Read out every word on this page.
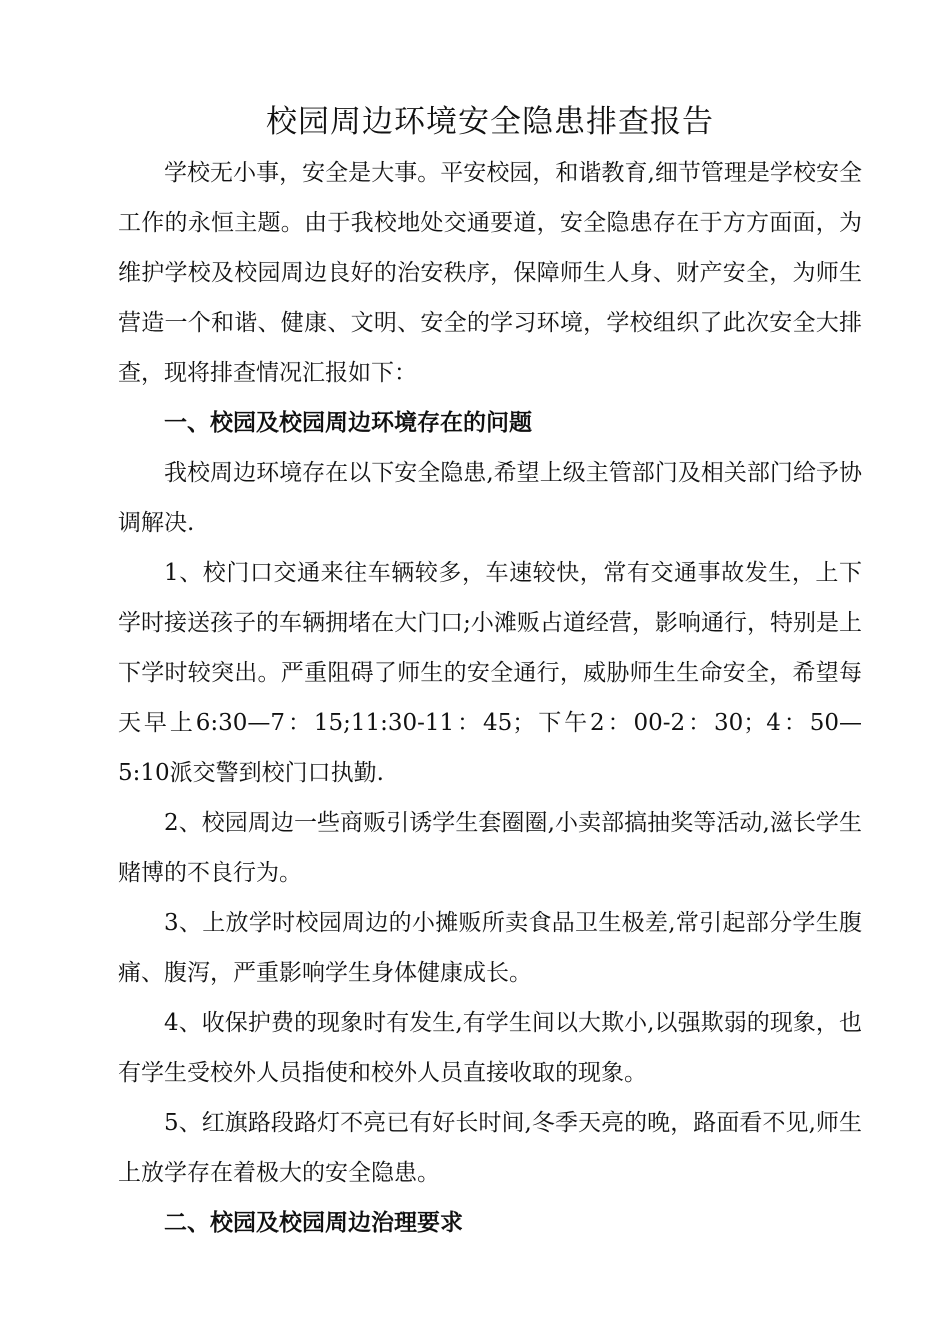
校园周边环境安全隐患排查报告

学校无小事，安全是大事。平安校园，和谐教育,细节管理是学校安全工作的永恒主题。由于我校地处交通要道，安全隐患存在于方方面面，为维护学校及校园周边良好的治安秩序，保障师生人身、财产安全，为师生营造一个和谐、健康、文明、安全的学习环境，学校组织了此次安全大排查，现将排查情况汇报如下：

一、校园及校园周边环境存在的问题

我校周边环境存在以下安全隐患,希望上级主管部门及相关部门给予协调解决.

1、校门口交通来往车辆较多，车速较快，常有交通事故发生，上下学时接送孩子的车辆拥堵在大门口;小滩贩占道经营，影响通行，特别是上下学时较突出。严重阻碍了师生的安全通行，威胁师生生命安全，希望每天早上6:30—7：15;11:30-11：45；下午2：00-2：30；4：50—5:10派交警到校门口执勤.

2、校园周边一些商贩引诱学生套圈圈,小卖部搞抽奖等活动,滋长学生赌博的不良行为。

3、上放学时校园周边的小摊贩所卖食品卫生极差,常引起部分学生腹痛、腹泻，严重影响学生身体健康成长。

4、收保护费的现象时有发生,有学生间以大欺小,以强欺弱的现象，也有学生受校外人员指使和校外人员直接收取的现象。

5、红旗路段路灯不亮已有好长时间,冬季天亮的晚，路面看不见,师生上放学存在着极大的安全隐患。

二、校园及校园周边治理要求
